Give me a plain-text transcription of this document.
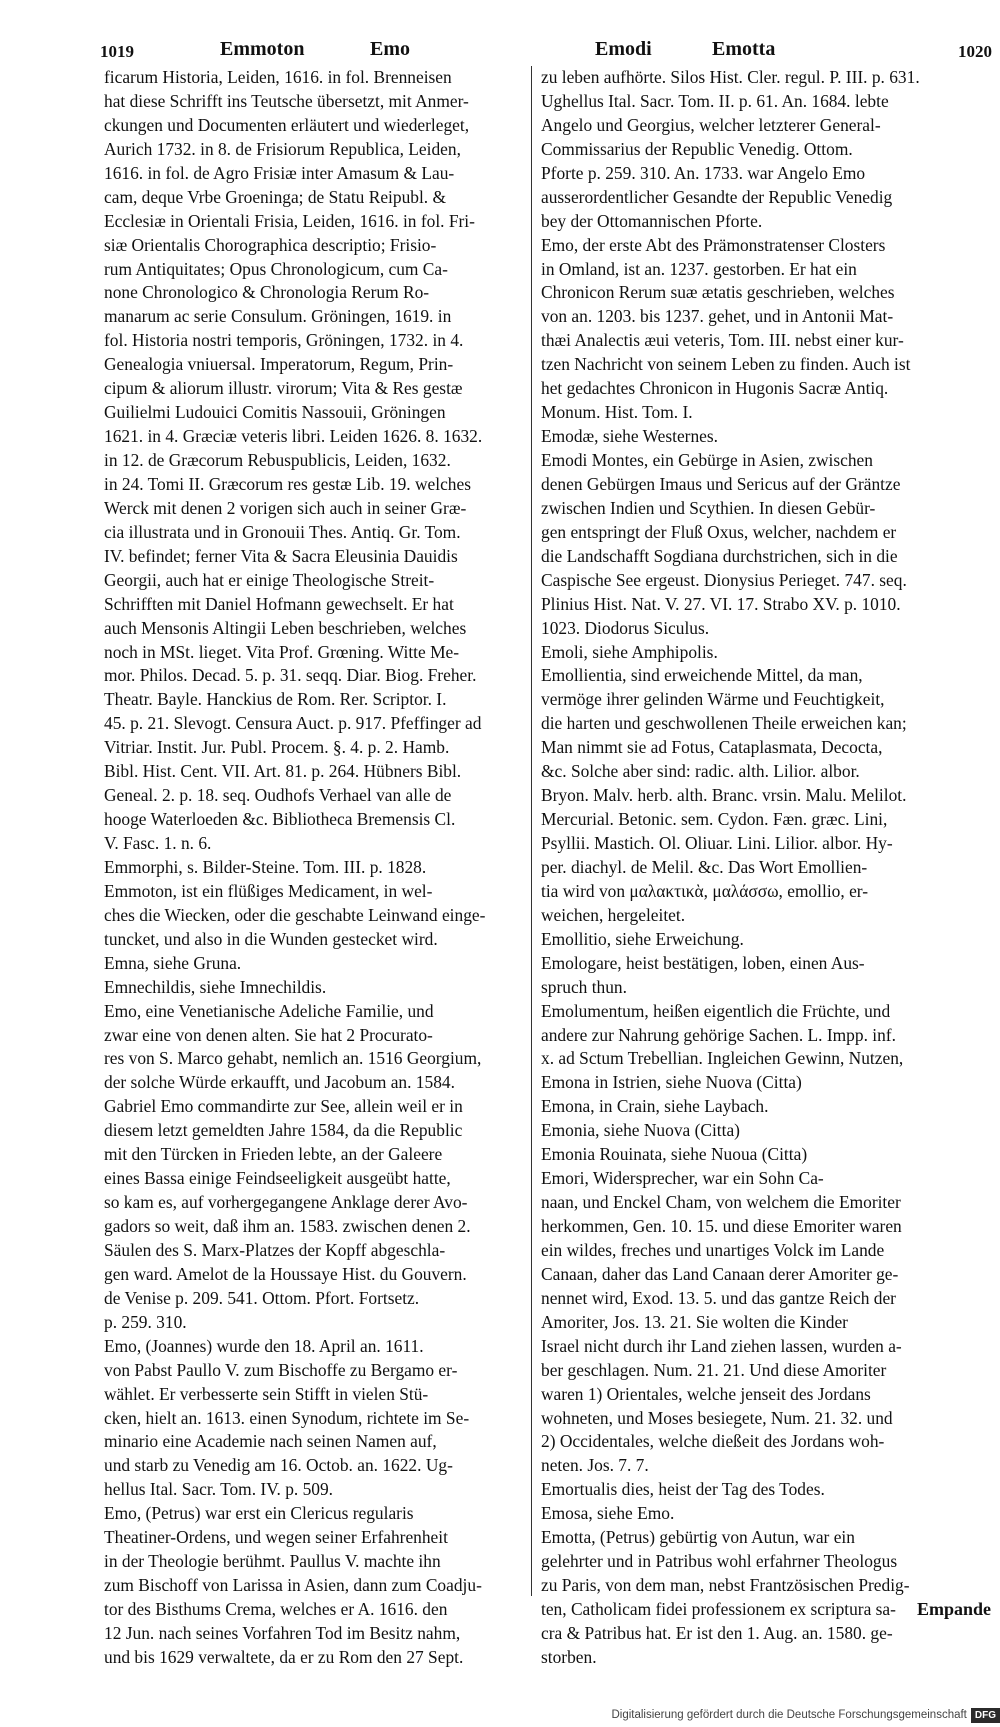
1019	Emmoton	Emo	Emodi	Emotta	1020
ficarum Historia, Leiden, 1616. in fol. Brenneisen
hat diese Schrifft ins Teutsche übersetzt, mit Anmer-
ckungen und Documenten erläutert und wiederleget,
Aurich 1732. in 8. de Frisiorum Republica, Leiden,
1616. in fol. de Agro Frisiæ inter Amasum & Lau-
cam, deque Vrbe Groeninga; de Statu Reipubl. &
Ecclesiæ in Orientali Frisia, Leiden, 1616. in fol. Fri-
siæ Orientalis Chorographica descriptio; Frisio-
rum Antiquitates; Opus Chronologicum, cum Ca-
none Chronologico & Chronologia Rerum Ro-
manarum ac serie Consulum. Gröningen, 1619. in
fol. Historia nostri temporis, Gröningen, 1732. in 4.
Genealogia vniuersal. Imperatorum, Regum, Prin-
cipum & aliorum illustr. virorum; Vita & Res gestæ
Guilielmi Ludouici Comitis Nassouii, Gröningen
1621. in 4. Græciæ veteris libri. Leiden 1626. 8. 1632.
in 12. de Græcorum Rebuspublicis, Leiden, 1632.
in 24. Tomi II. Græcorum res gestæ Lib. 19. welches
Werck mit denen 2 vorigen sich auch in seiner Græ-
cia illustrata und in Gronouii Thes. Antiq. Gr. Tom.
IV. befindet; ferner Vita & Sacra Eleusinia Dauidis
Georgii, auch hat er einige Theologische Streit-
Schrifften mit Daniel Hofmann gewechselt. Er hat
auch Mensonis Altingii Leben beschrieben, welches
noch in MSt. lieget. Vita Prof. Grœning. Witte Me-
mor. Philos. Decad. 5. p. 31. seqq. Diar. Biog. Freher.
Theatr. Bayle. Hanckius de Rom. Rer. Scriptor. I.
45. p. 21. Slevogt. Censura Auct. p. 917. Pfeffinger ad
Vitriar. Instit. Jur. Publ. Procem. §. 4. p. 2. Hamb.
Bibl. Hist. Cent. VII. Art. 81. p. 264. Hübners Bibl.
Geneal. 2. p. 18. seq. Oudhofs Verhael van alle de
hooge Waterloeden &c. Bibliotheca Bremensis Cl.
V. Fasc. 1. n. 6.
Emmorphi, s. Bilder-Steine. Tom. III. p. 1828.
Emmoton, ist ein flüßiges Medicament, in wel-
ches die Wiecken, oder die geschabte Leinwand einge-
tuncket, und also in die Wunden gestecket wird.
Emna, siehe Gruna.
Emnechildis, siehe Imnechildis.
Emo, eine Venetianische Adeliche Familie, und
zwar eine von denen alten. Sie hat 2 Procurato-
res von S. Marco gehabt, nemlich an. 1516 Georgium,
der solche Würde erkaufft, und Jacobum an. 1584.
Gabriel Emo commandirte zur See, allein weil er in
diesem letzt gemeldten Jahre 1584, da die Republic
mit den Türcken in Frieden lebte, an der Galeere
eines Bassa einige Feindseeligkeit ausgeübt hatte,
so kam es, auf vorhergegangene Anklage derer Avo-
gadors so weit, daß ihm an. 1583. zwischen denen 2.
Säulen des S. Marx-Platzes der Kopff abgeschla-
gen ward. Amelot de la Houssaye Hist. du Gouvern.
de Venise p. 209. 541. Ottom. Pfort. Fortsetz.
p. 259. 310.
Emo, (Joannes) wurde den 18. April an. 1611.
von Pabst Paullo V. zum Bischoffe zu Bergamo er-
wählet. Er verbesserte sein Stifft in vielen Stü-
cken, hielt an. 1613. einen Synodum, richtete im Se-
minario eine Academie nach seinen Namen auf,
und starb zu Venedig am 16. Octob. an. 1622. Ug-
hellus Ital. Sacr. Tom. IV. p. 509.
Emo, (Petrus) war erst ein Clericus regularis
Theatiner-Ordens, und wegen seiner Erfahrenheit
in der Theologie berühmt. Paullus V. machte ihn
zum Bischoff von Larissa in Asien, dann zum Coadju-
tor des Bisthums Crema, welches er A. 1616. den
12 Jun. nach seines Vorfahren Tod im Besitz nahm,
und bis 1629 verwaltete, da er zu Rom den 27 Sept.
zu leben aufhörte. Silos Hist. Cler. regul. P. III. p. 631.
Ughellus Ital. Sacr. Tom. II. p. 61. An. 1684. lebte
Angelo und Georgius, welcher letzterer General-
Commissarius der Republic Venedig. Ottom.
Pforte p. 259. 310. An. 1733. war Angelo Emo
ausserordentlicher Gesandte der Republic Venedig
bey der Ottomannischen Pforte.
Emo, der erste Abt des Prämonstratenser Closters
in Omland, ist an. 1237. gestorben. Er hat ein
Chronicon Rerum suæ ætatis geschrieben, welches
von an. 1203. bis 1237. gehet, und in Antonii Mat-
thæi Analectis æui veteris, Tom. III. nebst einer kur-
tzen Nachricht von seinem Leben zu finden. Auch ist
het gedachtes Chronicon in Hugonis Sacræ Antiq.
Monum. Hist. Tom. I.
Emodæ, siehe Westernes.
Emodi Montes, ein Gebürge in Asien, zwischen
denen Gebürgen Imaus und Sericus auf der Gräntze
zwischen Indien und Scythien. In diesen Gebür-
gen entspringt der Fluß Oxus, welcher, nachdem er
die Landschafft Sogdiana durchstrichen, sich in die
Caspische See ergeust. Dionysius Perieget. 747. seq.
Plinius Hist. Nat. V. 27. VI. 17. Strabo XV. p. 1010.
1023. Diodorus Siculus.
Emoli, siehe Amphipolis.
Emollientia, sind erweichende Mittel, da man,
vermöge ihrer gelinden Wärme und Feuchtigkeit,
die harten und geschwollenen Theile erweichen kan;
Man nimmt sie ad Fotus, Cataplasmata, Decocta,
&c. Solche aber sind: radic. alth. Lilior. albor.
Bryon. Malv. herb. alth. Branc. vrsin. Malu. Melilot.
Mercurial. Betonic. sem. Cydon. Fæn. græc. Lini,
Psyllii. Mastich. Ol. Oliuar. Lini. Lilior. albor. Hy-
per. diachyl. de Melil. &c. Das Wort Emollien-
tia wird von μαλακτικὰ, μαλάσσω, emollio, er-
weichen, hergeleitet.
Emollitio, siehe Erweichung.
Emologare, heist bestätigen, loben, einen Aus-
spruch thun.
Emolumentum, heißen eigentlich die Früchte, und
andere zur Nahrung gehörige Sachen. L. Impp. inf.
x. ad Sctum Trebellian. Ingleichen Gewinn, Nutzen,
Emona in Istrien, siehe Nuova (Citta)
Emona, in Crain, siehe Laybach.
Emonia, siehe Nuova (Citta)
Emonia Rouinata, siehe Nuoua (Citta)
Emori, Widersprecher, war ein Sohn Ca-
naan, und Enckel Cham, von welchem die Emoriter
herkommen, Gen. 10. 15. und diese Emoriter waren
ein wildes, freches und unartiges Volck im Lande
Canaan, daher das Land Canaan derer Amoriter ge-
nennet wird, Exod. 13. 5. und das gantze Reich der
Amoriter, Jos. 13. 21. Sie wolten die Kinder
Israel nicht durch ihr Land ziehen lassen, wurden a-
ber geschlagen. Num. 21. 21. Und diese Amoriter
waren 1) Orientales, welche jenseit des Jordans
wohneten, und Moses besiegete, Num. 21. 32. und
2) Occidentales, welche dießeit des Jordans woh-
neten. Jos. 7. 7.
Emortualis dies, heist der Tag des Todes.
Emosa, siehe Emo.
Emotta, (Petrus) gebürtig von Autun, war ein
gelehrter und in Patribus wohl erfahrner Theologus
zu Paris, von dem man, nebst Frantzösischen Predig-
ten, Catholicam fidei professionem ex scriptura sa-
cra & Patribus hat. Er ist den 1. Aug. an. 1580. ge-
storben.
Empande
Digitalisierung gefördert durch die Deutsche Forschungsgemeinschaft DFG
